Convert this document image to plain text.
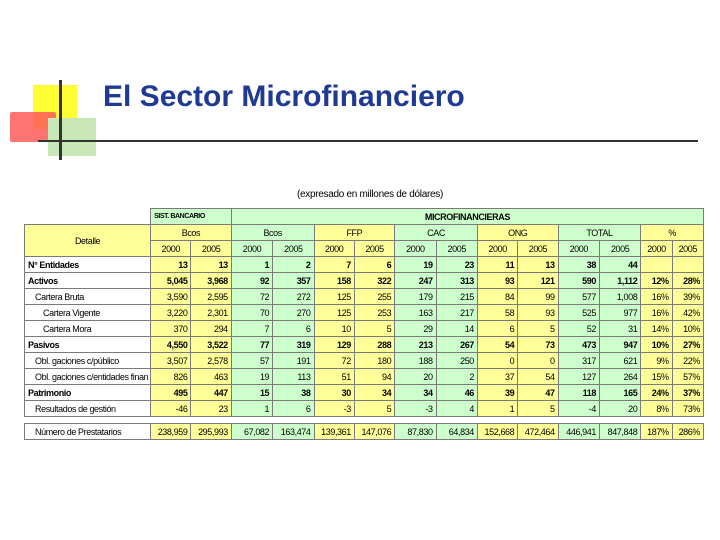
El Sector Microfinanciero
(expresado en millones de dólares)
	SIST. BANCARIO		MICROFINANCIERAS											
Detalle	Bcos		Bcos		FFP		CAC		ONG		TOTAL		%	
	2000	2005	2000	2005	2000	2005	2000	2005	2000	2005	2000	2005	2000	2005
N° Entidades	13	13	1	2	7	6	19	23	11	13	38	44		
Activos	5,045	3,968	92	357	158	322	247	313	93	121	590	1,112	12%	28%
Cartera Bruta	3,590	2,595	72	272	125	255	179	215	84	99	577	1,008	16%	39%
Cartera Vigente	3,220	2,301	70	270	125	253	163	217	58	93	525	977	16%	42%
Cartera Mora	370	294	7	6	10	5	29	14	6	5	52	31	14%	10%
Pasivos	4,550	3,522	77	319	129	288	213	267	54	73	473	947	10%	27%
Obl. gaciones c/público	3,507	2,578	57	191	72	180	188	250	0	0	317	621	9%	22%
Obl. gaciones c/entidades finan	826	463	19	113	51	94	20	2	37	54	127	264	15%	57%
Patrimonio	495	447	15	38	30	34	34	46	39	47	118	165	24%	37%
Resultados de gestión	-46	23	1	6	-3	5	-3	4	1	5	-4	20	8%	73%

Número de Prestatarios	238,959	295,993	67,082	163,474	139,361	147,076	87,830	64,834	152,668	472,464	446,941	847,848	187%	286%
